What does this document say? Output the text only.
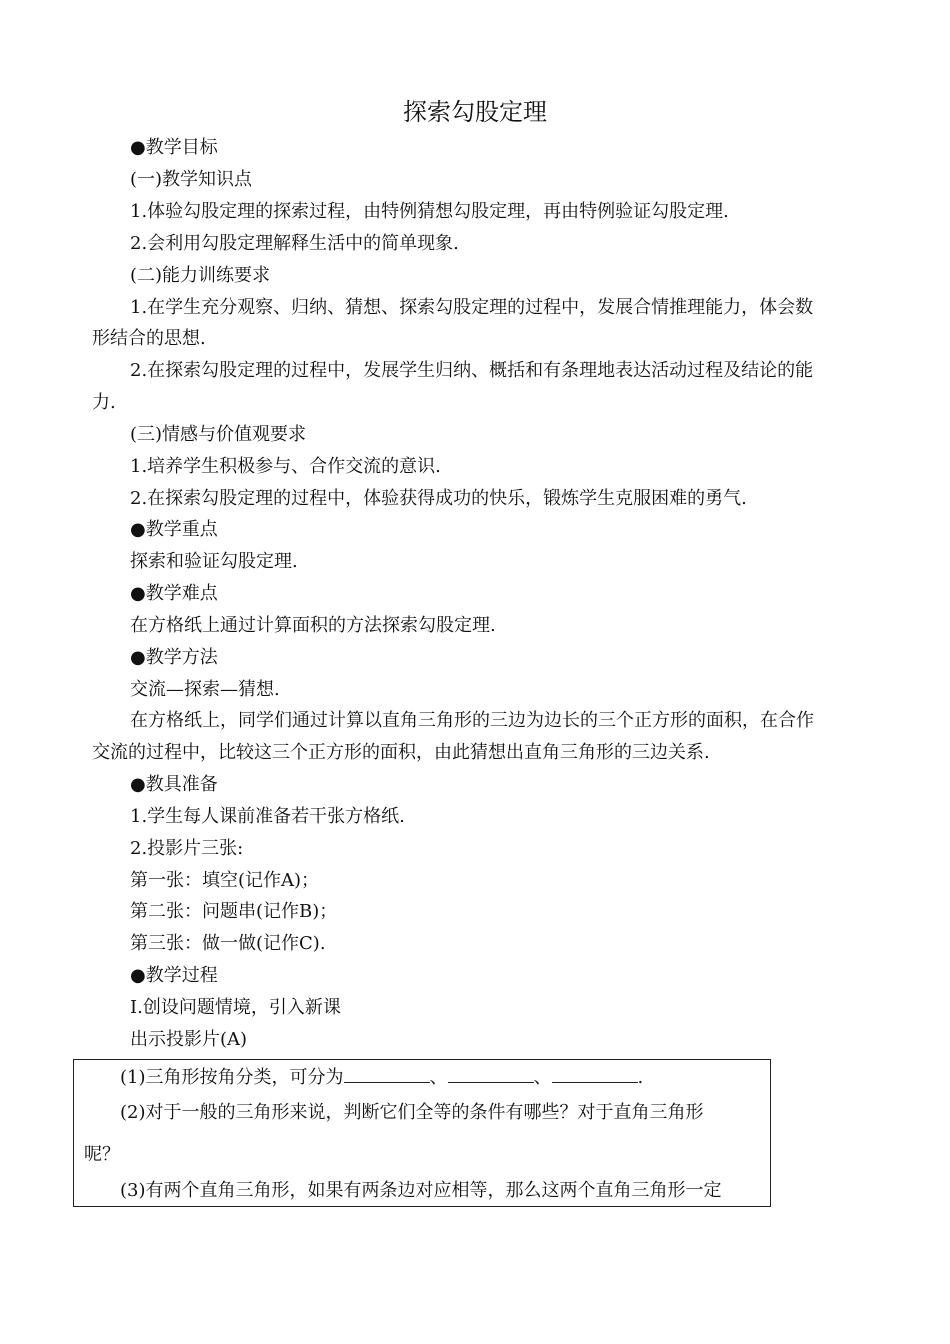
探索勾股定理
●教学目标
(一)教学知识点
1.体验勾股定理的探索过程，由特例猜想勾股定理，再由特例验证勾股定理.
2.会利用勾股定理解释生活中的简单现象.
(二)能力训练要求
1.在学生充分观察、归纳、猜想、探索勾股定理的过程中，发展合情推理能力，体会数
形结合的思想.
2.在探索勾股定理的过程中，发展学生归纳、概括和有条理地表达活动过程及结论的能
力.
(三)情感与价值观要求
1.培养学生积极参与、合作交流的意识.
2.在探索勾股定理的过程中，体验获得成功的快乐，锻炼学生克服困难的勇气.
●教学重点
探索和验证勾股定理.
●教学难点
在方格纸上通过计算面积的方法探索勾股定理.
●教学方法
交流—探索—猜想.
在方格纸上，同学们通过计算以直角三角形的三边为边长的三个正方形的面积，在合作
交流的过程中，比较这三个正方形的面积，由此猜想出直角三角形的三边关系.
●教具准备
1.学生每人课前准备若干张方格纸.
2.投影片三张:
第一张：填空(记作A)；
第二张：问题串(记作B)；
第三张：做一做(记作C).
●教学过程
Ⅰ.创设问题情境，引入新课
出示投影片(A)
(1)三角形按角分类，可分为	、	、	.
(2)对于一般的三角形来说，判断它们全等的条件有哪些？对于直角三角形
呢？
(3)有两个直角三角形，如果有两条边对应相等，那么这两个直角三角形一定
